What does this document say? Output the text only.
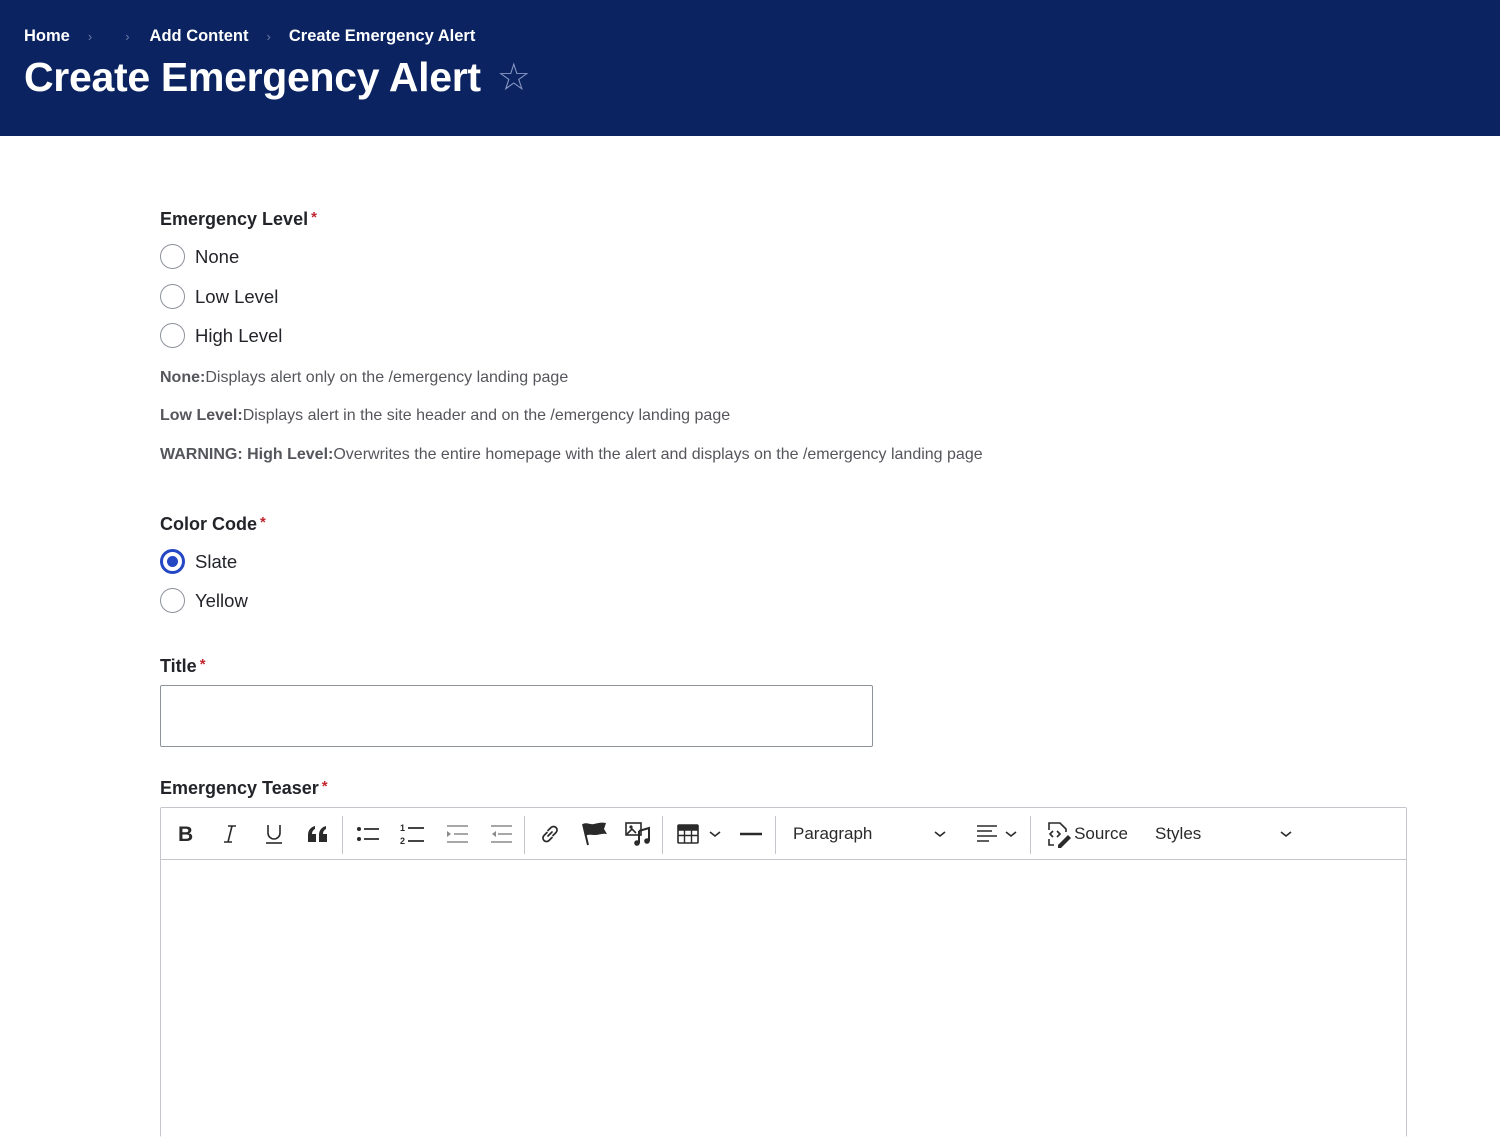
Home ›	› Add Content › Create Emergency Alert
Create Emergency Alert ☆
Emergency Level *
None
Low Level
High Level
None:Displays alert only on the /emergency landing page
Low Level:Displays alert in the site header and on the /emergency landing page
WARNING: High Level:Overwrites the entire homepage with the alert and displays on the /emergency landing page
Color Code *
Slate
Yellow
Title *
Emergency Teaser *
B	1
2	Paragraph	Source Styles
